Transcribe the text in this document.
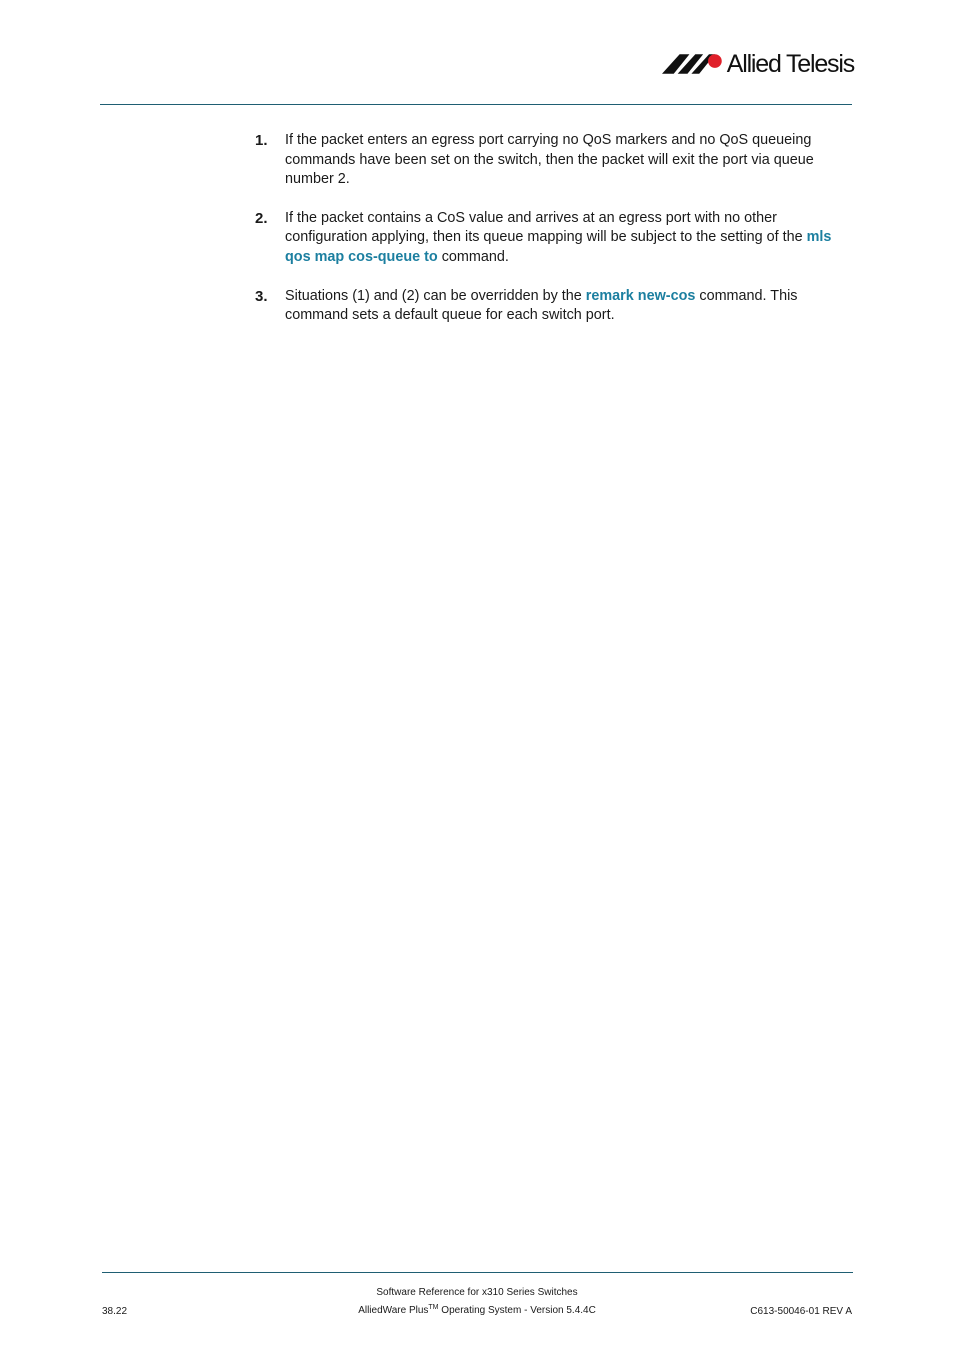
Allied Telesis
1. If the packet enters an egress port carrying no QoS markers and no QoS queueing commands have been set on the switch, then the packet will exit the port via queue number 2.
2. If the packet contains a CoS value and arrives at an egress port with no other configuration applying, then its queue mapping will be subject to the setting of the mls qos map cos-queue to command.
3. Situations (1) and (2) can be overridden by the remark new-cos command. This command sets a default queue for each switch port.
Software Reference for x310 Series Switches
AlliedWare Plus™ Operating System - Version 5.4.4C
38.22	C613-50046-01 REV A
